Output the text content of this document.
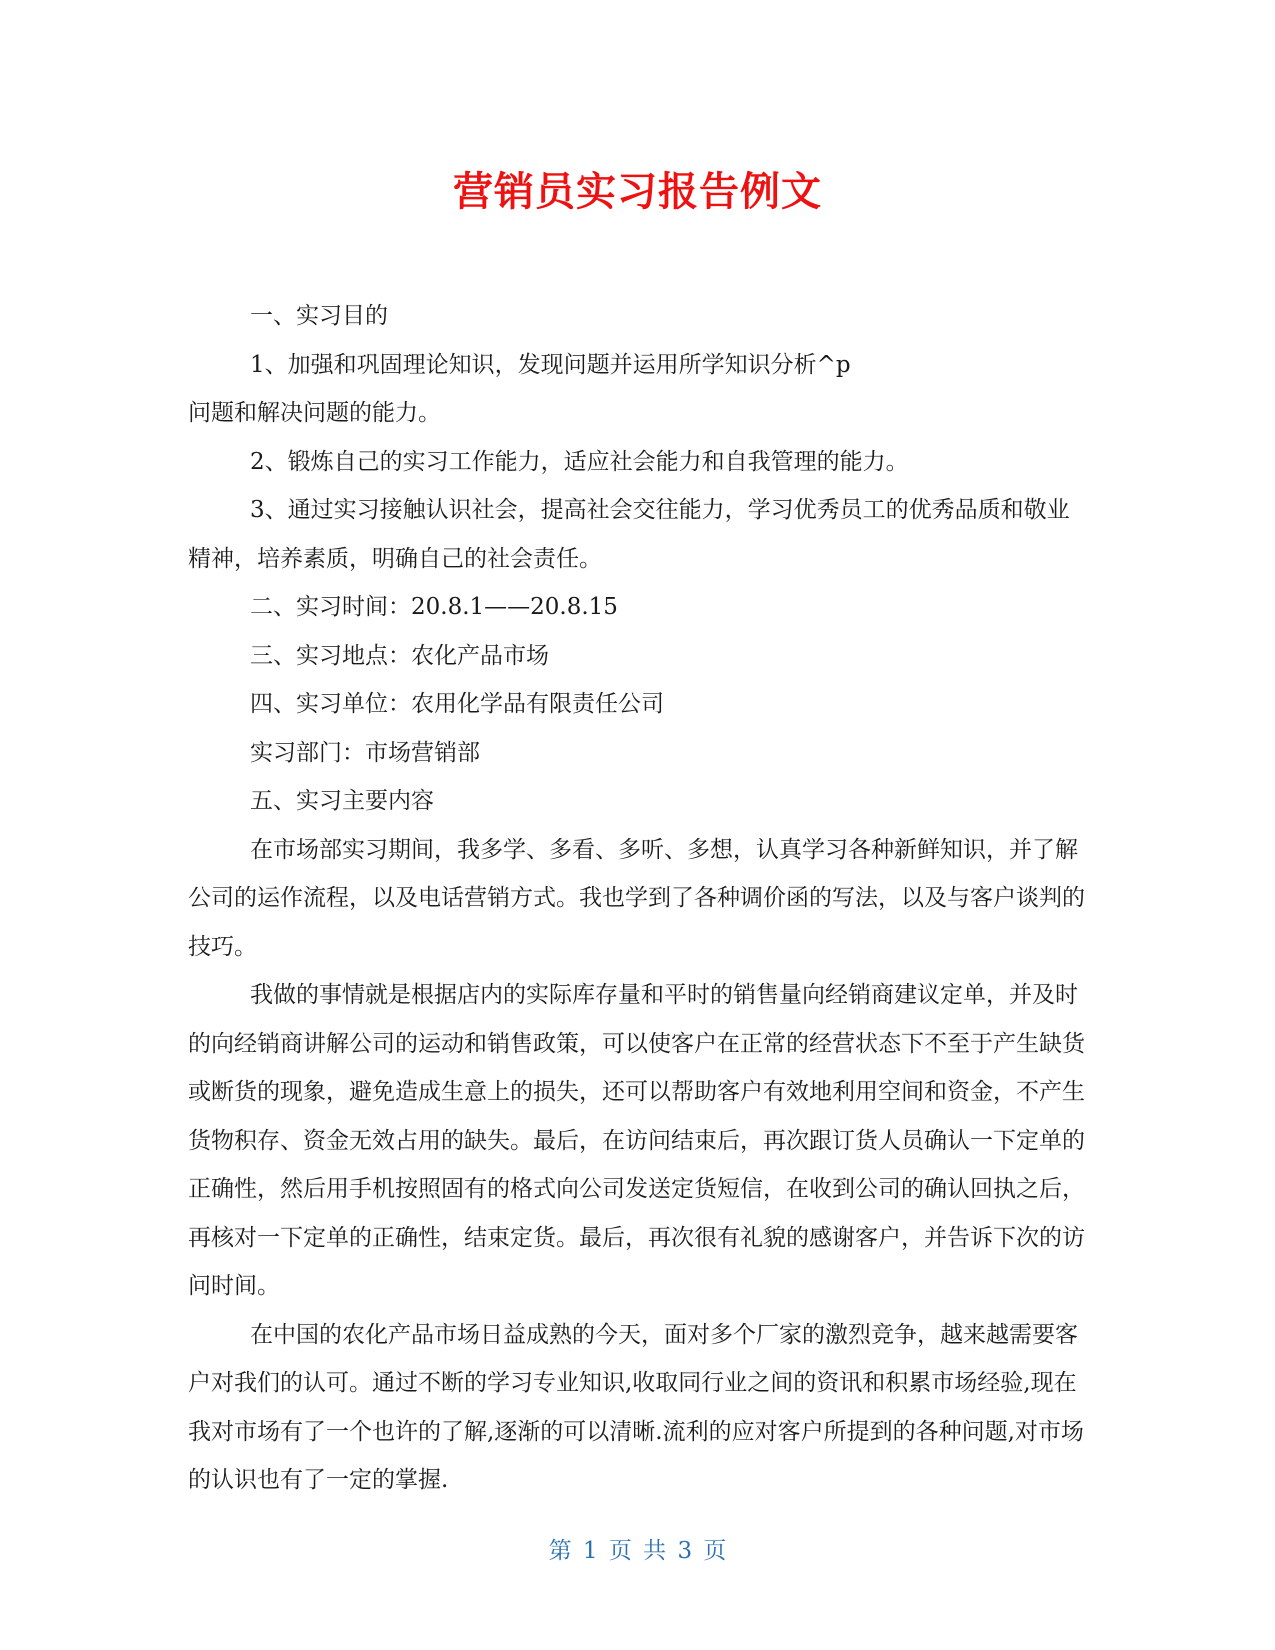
营销员实习报告例文

一、实习目的

1、加强和巩固理论知识，发现问题并运用所学知识分析^p

问题和解决问题的能力。

2、锻炼自己的实习工作能力，适应社会能力和自我管理的能力。

3、通过实习接触认识社会，提高社会交往能力，学习优秀员工的优秀品质和敬业精神，培养素质，明确自己的社会责任。

二、实习时间：20.8.1——20.8.15

三、实习地点：农化产品市场

四、实习单位：农用化学品有限责任公司

实习部门：市场营销部

五、实习主要内容

在市场部实习期间，我多学、多看、多听、多想，认真学习各种新鲜知识，并了解公司的运作流程，以及电话营销方式。我也学到了各种调价函的写法，以及与客户谈判的技巧。

我做的事情就是根据店内的实际库存量和平时的销售量向经销商建议定单，并及时的向经销商讲解公司的运动和销售政策，可以使客户在正常的经营状态下不至于产生缺货或断货的现象，避免造成生意上的损失，还可以帮助客户有效地利用空间和资金，不产生货物积存、资金无效占用的缺失。最后，在访问结束后，再次跟订货人员确认一下定单的正确性，然后用手机按照固有的格式向公司发送定货短信，在收到公司的确认回执之后，再核对一下定单的正确性，结束定货。最后，再次很有礼貌的感谢客户，并告诉下次的访问时间。

在中国的农化产品市场日益成熟的今天，面对多个厂家的激烈竞争，越来越需要客户对我们的认可。通过不断的学习专业知识,收取同行业之间的资讯和积累市场经验,现在我对市场有了一个也许的了解,逐渐的可以清晰.流利的应对客户所提到的各种问题,对市场的认识也有了一定的掌握.

第 1 页 共 3 页
